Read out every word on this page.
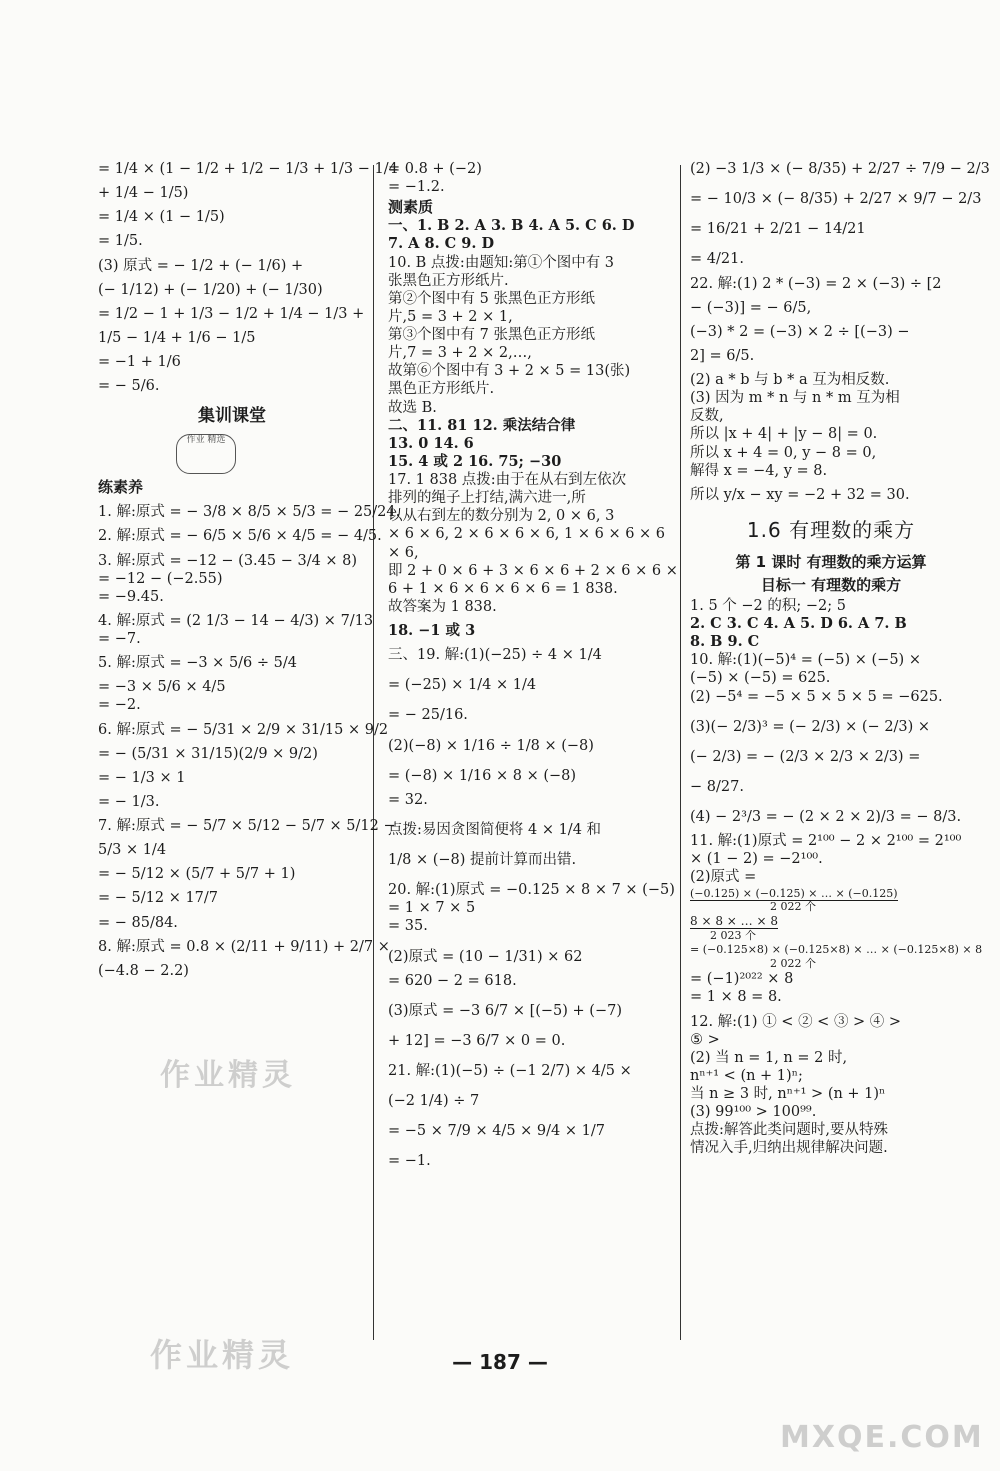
= 1/4 × (1 − 1/2 + 1/2 − 1/3 + 1/3 − 1/4
+ 1/4 − 1/5)
= 1/4 × (1 − 1/5)
= 1/5.
(3) 原式 = − 1/2 + (− 1/6) +
(− 1/12) + (− 1/20) + (− 1/30)
= 1/2 − 1 + 1/3 − 1/2 + 1/4 − 1/3 +
1/5 − 1/4 + 1/6 − 1/5
= −1 + 1/6
= − 5/6.
集训课堂
作业 精选
练素养
1. 解:原式 = − 3/8 × 8/5 × 5/3 = − 25/24.
2. 解:原式 = − 6/5 × 5/6 × 4/5 = − 4/5.
3. 解:原式 = −12 − (3.45 − 3/4 × 8)
= −12 − (−2.55)
= −9.45.
4. 解:原式 = (2 1/3 − 14 − 4/3) × 7/13
= −7.
5. 解:原式 = −3 × 5/6 ÷ 5/4
= −3 × 5/6 × 4/5
= −2.
6. 解:原式 = − 5/31 × 2/9 × 31/15 × 9/2
= − (5/31 × 31/15)(2/9 × 9/2)
= − 1/3 × 1
= − 1/3.
7. 解:原式 = − 5/7 × 5/12 − 5/7 × 5/12 −
5/3 × 1/4
= − 5/12 × (5/7 + 5/7 + 1)
= − 5/12 × 17/7
= − 85/84.
8. 解:原式 = 0.8 × (2/11 + 9/11) + 2/7 ×
(−4.8 − 2.2)
= 0.8 + (−2)
= −1.2.
测素质
一、1. B 2. A 3. B 4. A 5. C 6. D
7. A 8. C 9. D
10. B 点拨:由题知:第①个图中有 3
张黑色正方形纸片.
第②个图中有 5 张黑色正方形纸
片,5 = 3 + 2 × 1,
第③个图中有 7 张黑色正方形纸
片,7 = 3 + 2 × 2,…,
故第⑥个图中有 3 + 2 × 5 = 13(张)
黑色正方形纸片.
故选 B.
二、11. 81 12. 乘法结合律
13. 0 14. 6
15. 4 或 2 16. 75; −30
17. 1 838 点拨:由于在从右到左依次
排列的绳子上打结,满六进一,所
以从右到左的数分别为 2, 0 × 6, 3
× 6 × 6, 2 × 6 × 6 × 6, 1 × 6 × 6 × 6
× 6,
即 2 + 0 × 6 + 3 × 6 × 6 + 2 × 6 × 6 ×
6 + 1 × 6 × 6 × 6 × 6 = 1 838.
故答案为 1 838.
18. −1 或 3
三、19. 解:(1)(−25) ÷ 4 × 1/4
= (−25) × 1/4 × 1/4
= − 25/16.
(2)(−8) × 1/16 ÷ 1/8 × (−8)
= (−8) × 1/16 × 8 × (−8)
= 32.
点拨:易因贪图简便将 4 × 1/4 和
1/8 × (−8) 提前计算而出错.
20. 解:(1)原式 = −0.125 × 8 × 7 × (−5)
= 1 × 7 × 5
= 35.
(2)原式 = (10 − 1/31) × 62
= 620 − 2 = 618.
(3)原式 = −3 6/7 × [(−5) + (−7)
+ 12] = −3 6/7 × 0 = 0.
21. 解:(1)(−5) ÷ (−1 2/7) × 4/5 ×
(−2 1/4) ÷ 7
= −5 × 7/9 × 4/5 × 9/4 × 1/7
= −1.
(2) −3 1/3 × (− 8/35) + 2/27 ÷ 7/9 − 2/3
= − 10/3 × (− 8/35) + 2/27 × 9/7 − 2/3
= 16/21 + 2/21 − 14/21
= 4/21.
22. 解:(1) 2 * (−3) = 2 × (−3) ÷ [2
− (−3)] = − 6/5,
(−3) * 2 = (−3) × 2 ÷ [(−3) −
2] = 6/5.
(2) a * b 与 b * a 互为相反数.
(3) 因为 m * n 与 n * m 互为相
反数,
所以 |x + 4| + |y − 8| = 0.
所以 x + 4 = 0, y − 8 = 0,
解得 x = −4, y = 8.
所以 y/x − xy = −2 + 32 = 30.
1.6 有理数的乘方
第 1 课时 有理数的乘方运算
目标一 有理数的乘方
1. 5 个 −2 的积; −2; 5
2. C 3. C 4. A 5. D 6. A 7. B
8. B 9. C
10. 解:(1)(−5)⁴ = (−5) × (−5) ×
(−5) × (−5) = 625.
(2) −5⁴ = −5 × 5 × 5 × 5 = −625.
(3)(− 2/3)³ = (− 2/3) × (− 2/3) ×
(− 2/3) = − (2/3 × 2/3 × 2/3) =
− 8/27.
(4) − 2³/3 = − (2 × 2 × 2)/3 = − 8/3.
11. 解:(1)原式 = 2¹⁰⁰ − 2 × 2¹⁰⁰ = 2¹⁰⁰
× (1 − 2) = −2¹⁰⁰.
(2)原式 =
(−0.125) × (−0.125) × … × (−0.125)
2 022 个
8 × 8 × … × 8
2 023 个
= (−0.125×8) × (−0.125×8) × … × (−0.125×8) × 8
2 022 个
= (−1)²⁰²² × 8
= 1 × 8 = 8.
12. 解:(1) ① < ② < ③ > ④ >
⑤ >
(2) 当 n = 1, n = 2 时,
nⁿ⁺¹ < (n + 1)ⁿ;
当 n ≥ 3 时, nⁿ⁺¹ > (n + 1)ⁿ
(3) 99¹⁰⁰ > 100⁹⁹.
点拨:解答此类问题时,要从特殊
情况入手,归纳出规律解决问题.
作业精灵
作业精灵
MXQE.COM
— 187 —
